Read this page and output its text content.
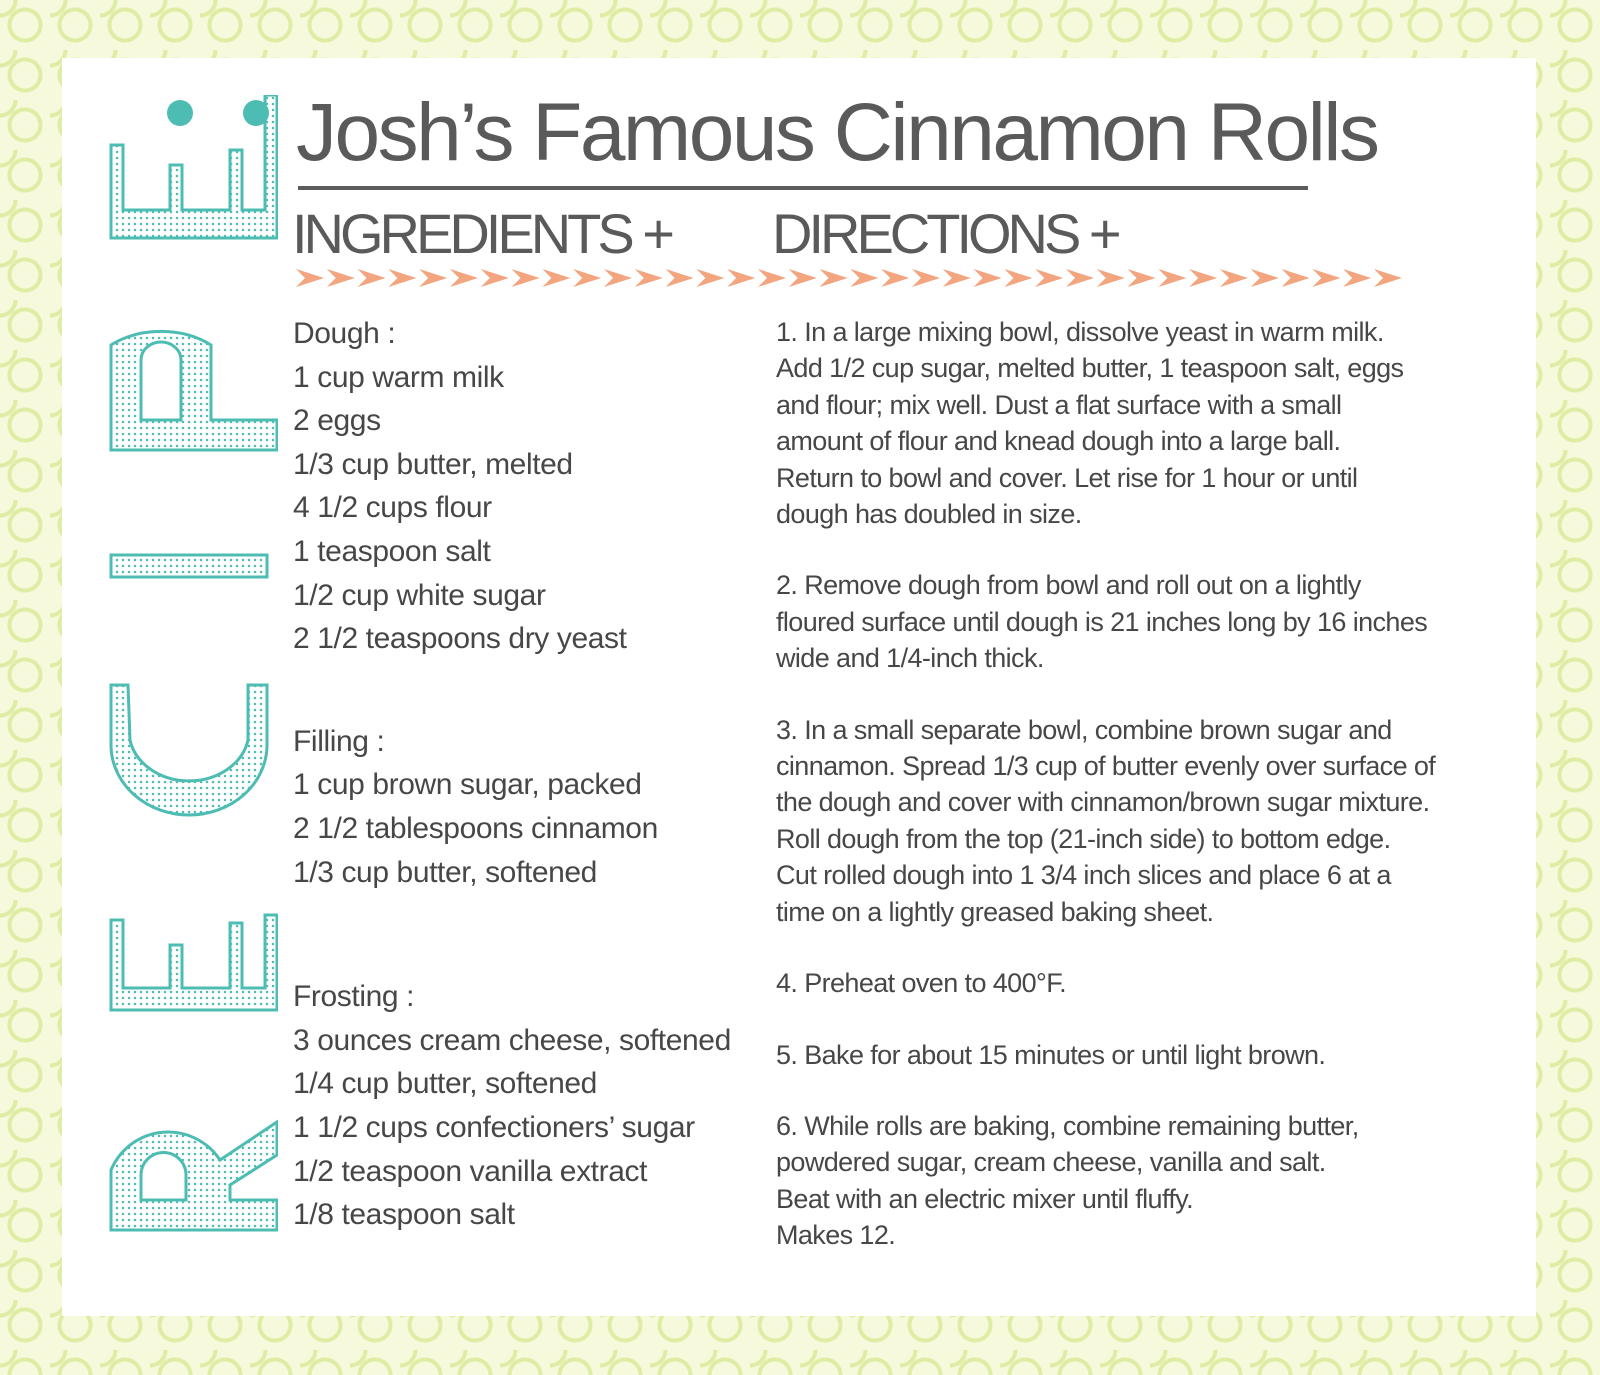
Josh’s Famous Cinnamon Rolls
INGREDIENTS + DIRECTIONS +
Dough :
1 cup warm milk
2 eggs
1/3 cup butter, melted
4 1/2 cups flour
1 teaspoon salt
1/2 cup white sugar
2 1/2 teaspoons dry yeast
Filling :
1 cup brown sugar, packed
2 1/2 tablespoons cinnamon
1/3 cup butter, softened
Frosting :
3 ounces cream cheese, softened
1/4 cup butter, softened
1 1/2 cups confectioners’ sugar
1/2 teaspoon vanilla extract
1/8 teaspoon salt
1. In a large mixing bowl, dissolve yeast in warm milk.
Add 1/2 cup sugar, melted butter, 1 teaspoon salt, eggs
and flour; mix well. Dust a flat surface with a small
amount of flour and knead dough into a large ball.
Return to bowl and cover. Let rise for 1 hour or until
dough has doubled in size.
2. Remove dough from bowl and roll out on a lightly
floured surface until dough is 21 inches long by 16 inches
wide and 1/4-inch thick.
3. In a small separate bowl, combine brown sugar and
cinnamon. Spread 1/3 cup of butter evenly over surface of
the dough and cover with cinnamon/brown sugar mixture.
Roll dough from the top (21-inch side) to bottom edge.
Cut rolled dough into 1 3/4 inch slices and place 6 at a
time on a lightly greased baking sheet.
4. Preheat oven to 400°F.
5. Bake for about 15 minutes or until light brown.
6. While rolls are baking, combine remaining butter,
powdered sugar, cream cheese, vanilla and salt.
Beat with an electric mixer until fluffy.
Makes 12.
